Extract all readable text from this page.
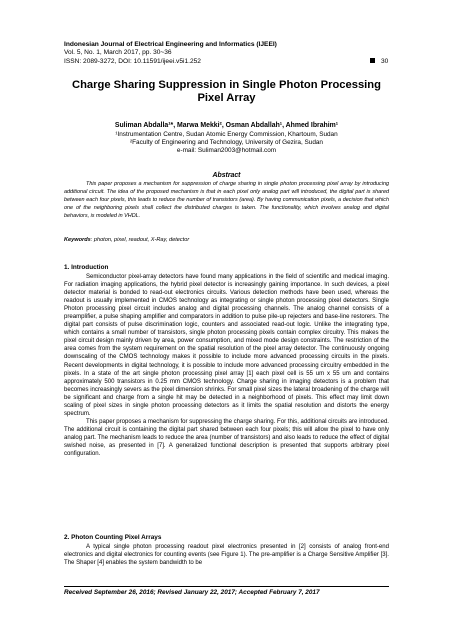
Indonesian Journal of Electrical Engineering and Informatics (IJEEI)
Vol. 5, No. 1, March 2017, pp. 30~36
ISSN: 2089-3272, DOI: 10.11591/ijeei.v5i1.252	30
Charge Sharing Suppression in Single Photon Processing Pixel Array
Suliman Abdalla¹*, Marwa Mekki², Osman Abdallah¹, Ahmed Ibrahim¹
¹Instrumentation Centre, Sudan Atomic Energy Commission, Khartoum, Sudan
²Faculty of Engineering and Technology, University of Gezira, Sudan
e-mail: Suliman2003@hotmail.com
Abstract
This paper proposes a mechanism for suppression of charge sharing in single photon processing pixel array by introducing additional circuit. The idea of the proposed mechanism is that in each pixel only analog part will introduced, the digital part is shared between each four pixels, this leads to reduce the number of transistors (area). By having communication pixels, a decision that which one of the neighboring pixels shall collect the distributed charges is taken. The functionality, which involves analog and digital behaviors, is modeled in VHDL.
Keywords: photon, pixel, readout, X-Ray, detector
1. Introduction

Semiconductor pixel-array detectors have found many applications in the field of scientific and medical imaging. For radiation imaging applications, the hybrid pixel detector is increasingly gaining importance. In such devices, a pixel detector material is bonded to read-out electronics circuits. Various detection methods have been used, whereas the readout is usually implemented in CMOS technology as integrating or single photon processing pixel detectors. Single Photon processing pixel circuit includes analog and digital processing channels. The analog channel consists of a preamplifier, a pulse shaping amplifier and comparators in addition to pulse pile-up rejecters and base-line restorers. The digital part consists of pulse discrimination logic, counters and associated read-out logic. Unlike the integrating type, which contains a small number of transistors, single photon processing pixels contain complex circuitry. This makes the pixel circuit design mainly driven by area, power consumption, and mixed mode design constraints. The restriction of the area comes from the system requirement on the spatial resolution of the pixel array detector. The continuously ongoing downscaling of the CMOS technology makes it possible to include more advanced processing circuits in the pixels. Recent developments in digital technology, it is possible to include more advanced processing circuitry embedded in the pixels. In a state of the art single photon processing pixel array [1] each pixel cell is 55 um x 55 um and contains approximately 500 transistors in 0.25 mm CMOS technology. Charge sharing in imaging detectors is a problem that becomes increasingly severs as the pixel dimension shrinks. For small pixel sizes the lateral broadening of the charge will be significant and charge from a single hit may be detected in a neighborhood of pixels. This effect may limit down scaling of pixel sizes in single photon processing detectors as it limits the spatial resolution and distorts the energy spectrum.

This paper proposes a mechanism for suppressing the charge sharing. For this, additional circuits are introduced. The additional circuit is containing the digital part shared between each four pixels; this will allow the pixel to have only analog part. The mechanism leads to reduce the area (number of transistors) and also leads to reduce the effect of digital swished noise, as presented in [7]. A generalized functional description is presented that supports arbitrary pixel configuration.

2. Photon Counting Pixel Arrays

A typical single photon processing readout pixel electronics presented in [2] consists of analog front-end electronics and digital electronics for counting events (see Figure 1). The pre-amplifier is a Charge Sensitive Amplifier [3]. The Shaper [4] enables the system bandwidth to be

Received September 26, 2016; Revised January 22, 2017; Accepted February 7, 2017
